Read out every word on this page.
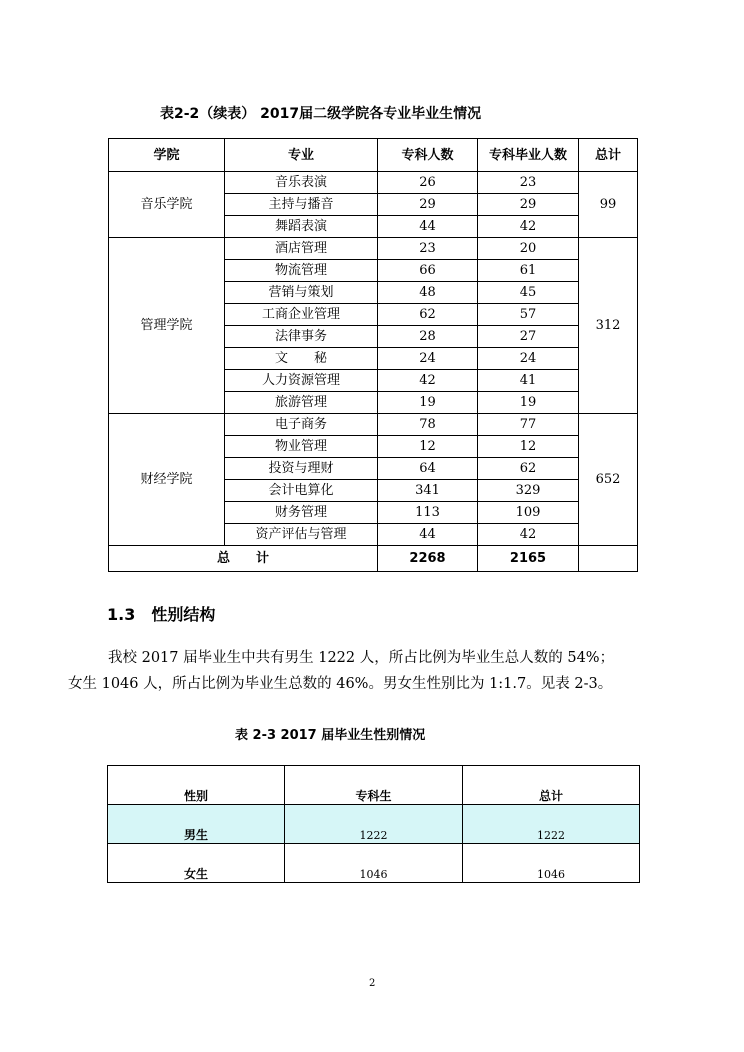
表2-2（续表） 2017届二级学院各专业毕业生情况
学院	专业	专科人数	专科毕业人数	总计
音乐学院	音乐表演	26	23	99
	主持与播音	29	29	
	舞蹈表演	44	42	
管理学院	酒店管理	23	20	312
	物流管理	66	61	
	营销与策划	48	45	
	工商企业管理	62	57	
	法律事务	28	27	
	文　　秘	24	24	
	人力资源管理	42	41	
	旅游管理	19	19	
财经学院	电子商务	78	77	652
	物业管理	12	12	
	投资与理财	64	62	
	会计电算化	341	329	
	财务管理	113	109	
	资产评估与管理	44	42	
总　　计		2268	2165	
1.3　性别结构
我校 2017 届毕业生中共有男生 1222 人，所占比例为毕业生总人数的 54%；
女生 1046 人，所占比例为毕业生总数的 46%。男女生性别比为 1:1.7。见表 2-3。
表 2-3 2017 届毕业生性别情况
性别	专科生	总计
男生	1222	1222
女生	1046	1046
2
